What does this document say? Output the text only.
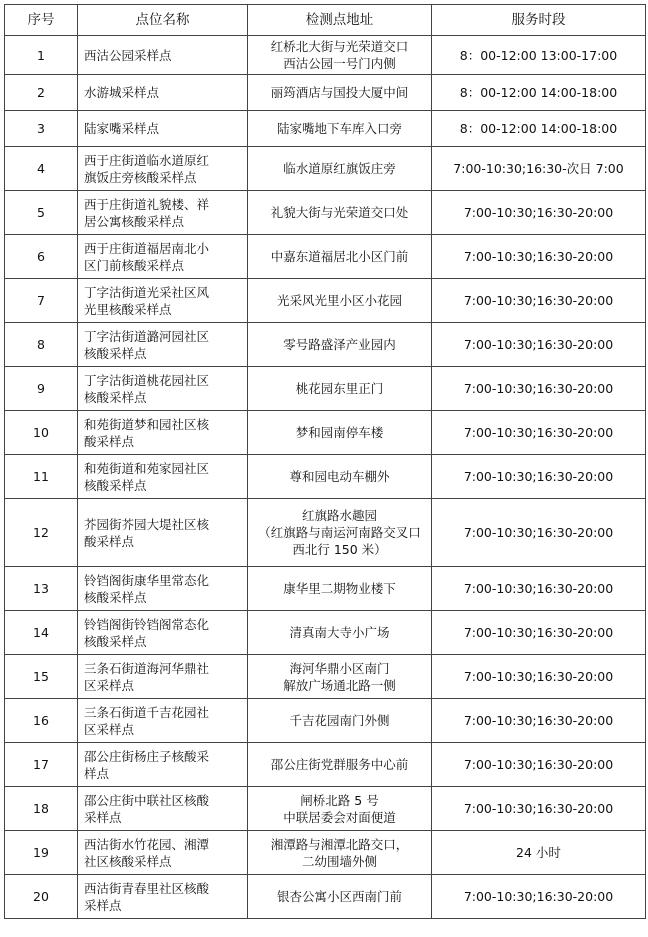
序号	点位名称	检测点地址	服务时段
1	西沽公园采样点	红桥北大街与光荣道交口
西沽公园一号门内侧	8：00-12:00 13:00-17:00

2	水游城采样点	丽筠酒店与国投大厦中间	8：00-12:00 14:00-18:00

3	陆家嘴采样点	陆家嘴地下车库入口旁	8：00-12:00 14:00-18:00

4	西于庄街道临水道原红
旗饭庄旁核酸采样点	临水道原红旗饭庄旁	7:00-10:30;16:30-次日 7:00

5	西于庄街道礼貌楼、祥
居公寓核酸采样点	礼貌大街与光荣道交口处	7:00-10:30;16:30-20:00

6	西于庄街道福居南北小
区门前核酸采样点	中嘉东道福居北小区门前	7:00-10:30;16:30-20:00

7	丁字沽街道光采社区风
光里核酸采样点	光采风光里小区小花园	7:00-10:30;16:30-20:00

8	丁字沽街道潞河园社区
核酸采样点	零号路盛泽产业园内	7:00-10:30;16:30-20:00

9	丁字沽街道桃花园社区
核酸采样点	桃花园东里正门	7:00-10:30;16:30-20:00

10	和苑街道梦和园社区核
酸采样点	梦和园南停车楼	7:00-10:30;16:30-20:00

11	和苑街道和苑家园社区
核酸采样点	尊和园电动车棚外	7:00-10:30;16:30-20:00

12	芥园街芥园大堤社区核
酸采样点	红旗路水趣园
（红旗路与南运河南路交叉口
西北行 150 米）	7:00-10:30;16:30-20:00

13	铃铛阁街康华里常态化
核酸采样点	康华里二期物业楼下	7:00-10:30;16:30-20:00

14	铃铛阁街铃铛阁常态化
核酸采样点	清真南大寺小广场	7:00-10:30;16:30-20:00

15	三条石街道海河华鼎社
区采样点	海河华鼎小区南门
解放广场通北路一侧	7:00-10:30;16:30-20:00

16	三条石街道千吉花园社
区采样点	千吉花园南门外侧	7:00-10:30;16:30-20:00

17	邵公庄街杨庄子核酸采
样点	邵公庄街党群服务中心前	7:00-10:30;16:30-20:00

18	邵公庄街中联社区核酸
采样点	闸桥北路 5 号
中联居委会对面便道	7:00-10:30;16:30-20:00

19	西沽街水竹花园、湘潭
社区核酸采样点	湘潭路与湘潭北路交口，
二幼围墙外侧	24 小时

20	西沽街青春里社区核酸
采样点	银杏公寓小区西南门前	7:00-10:30;16:30-20:00
